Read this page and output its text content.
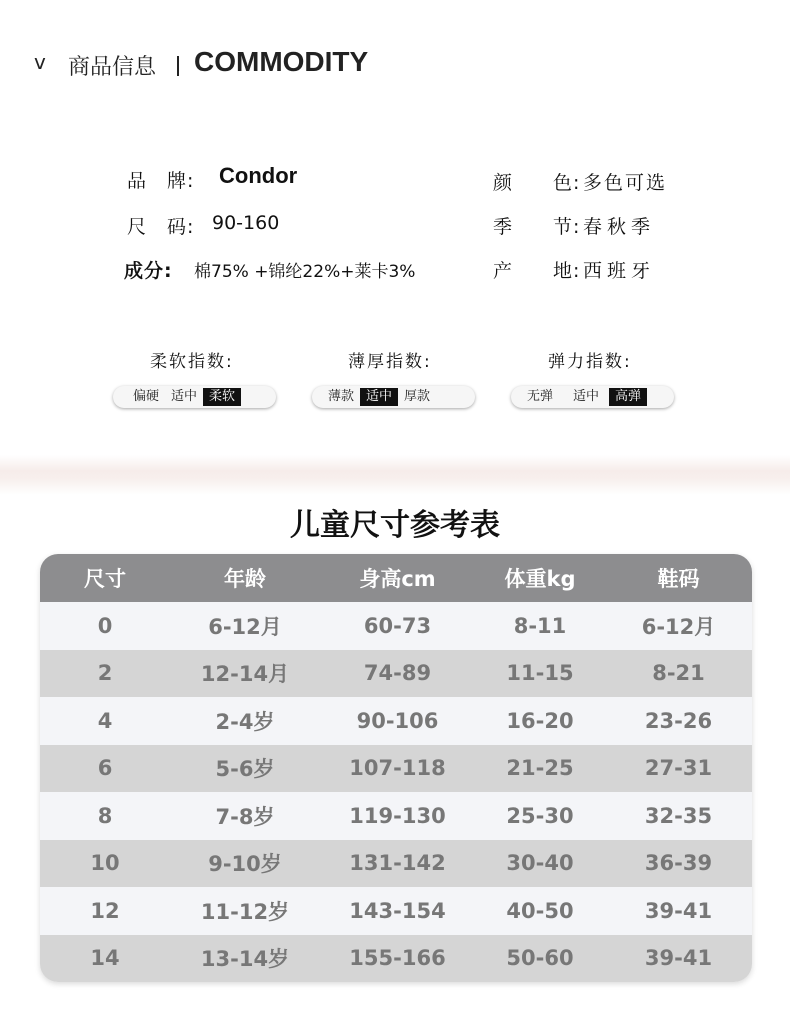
v 商品信息 COMMODITY
品　牌: Condor
尺　码: 90-160
成分: 棉75% +锦纶22%+莱卡3%
颜　　色: 多色可选
季　　节: 春秋季
产　　地: 西班牙
柔软指数:
偏硬 适中 柔软
薄厚指数:
薄款 适中 厚款
弹力指数:
无弹	适中	高弹
儿童尺寸参考表
尺寸	年龄	身高cm	体重kg	鞋码
0	6-12月	60-73	8-11	6-12月
2	12-14月	74-89	11-15	8-21
4	2-4岁	90-106	16-20	23-26
6	5-6岁	107-118	21-25	27-31
8	7-8岁	119-130	25-30	32-35
10	9-10岁	131-142	30-40	36-39
12	11-12岁	143-154	40-50	39-41
14	13-14岁	155-166	50-60	39-41
